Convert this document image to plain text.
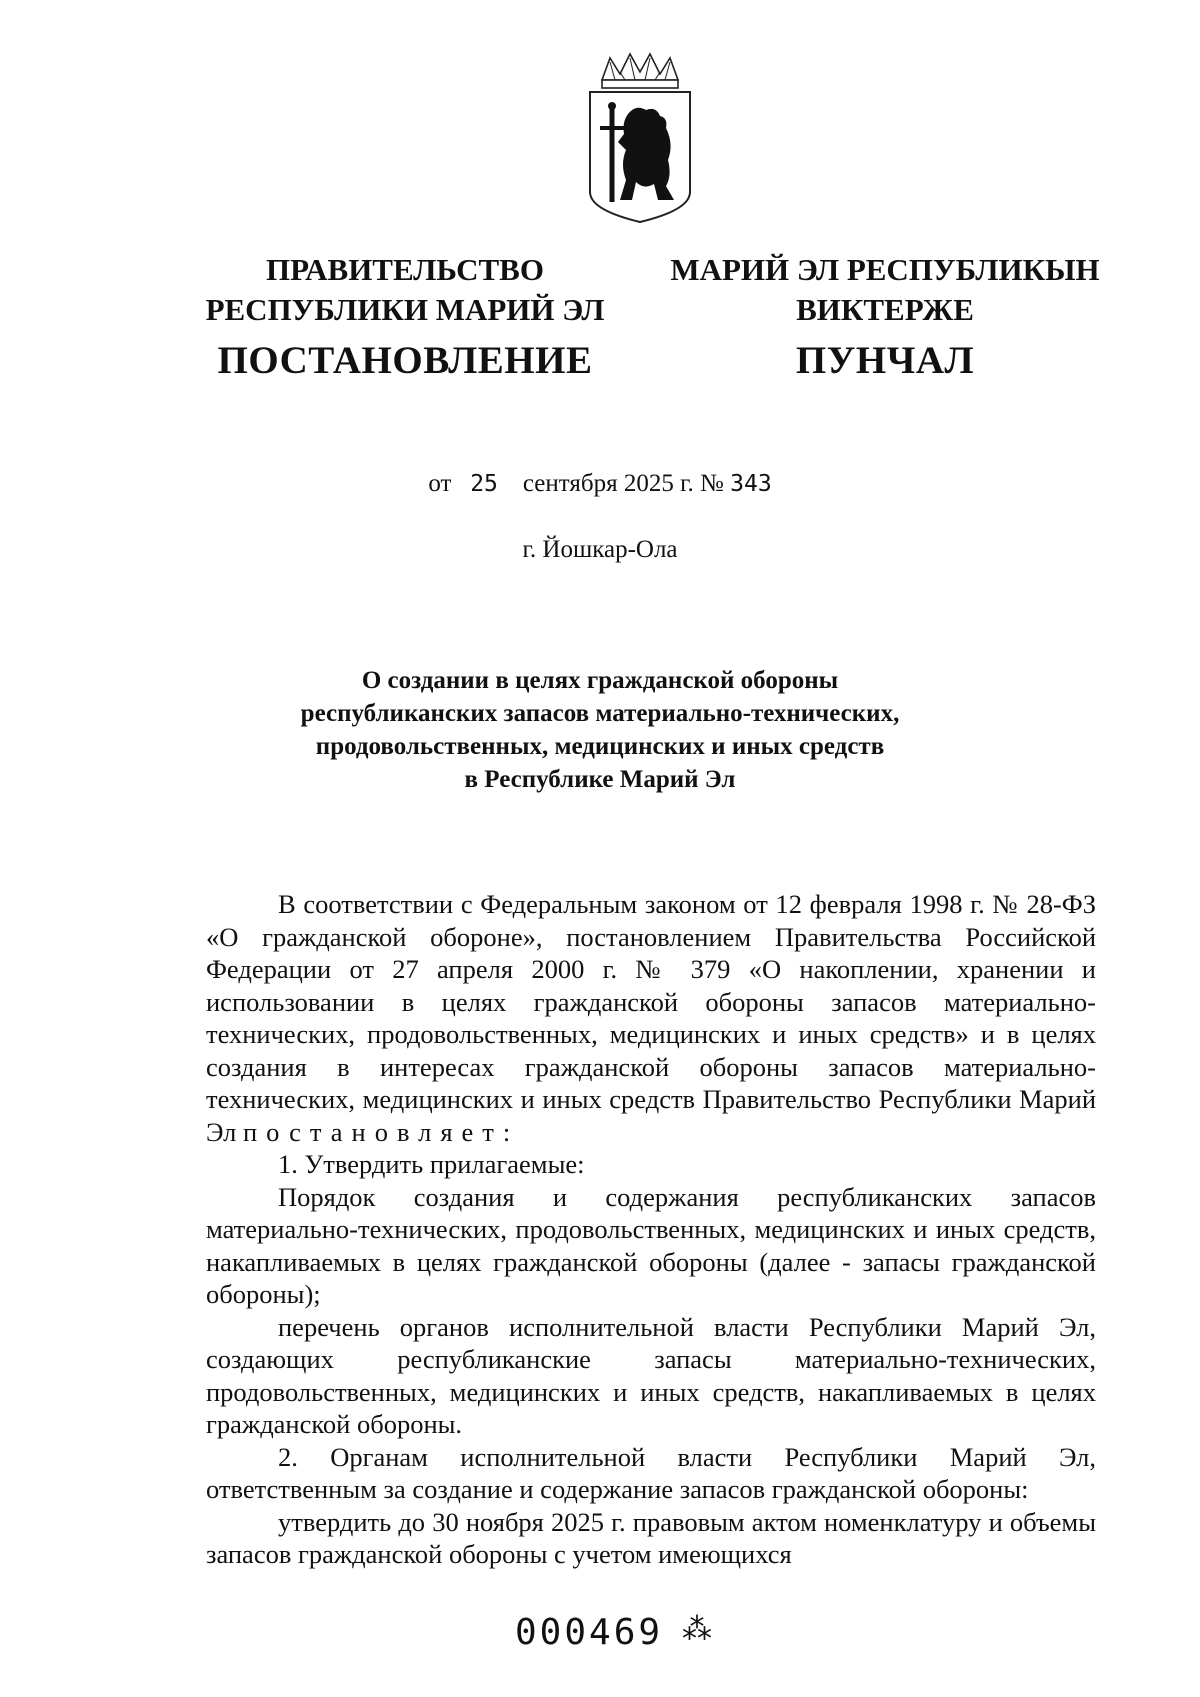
ПРАВИТЕЛЬСТВО
РЕСПУБЛИКИ МАРИЙ ЭЛ
МАРИЙ ЭЛ РЕСПУБЛИКЫН
ВИКТЕРЖЕ
ПОСТАНОВЛЕНИЕ	ПУНЧАЛ
от 25 сентября 2025 г. № 343
г. Йошкар-Ола
О создании в целях гражданской обороны
республиканских запасов материально-технических,
продовольственных, медицинских и иных средств
в Республике Марий Эл

В соответствии с Федеральным законом от 12 февраля 1998 г. № 28-ФЗ «О гражданской обороне», постановлением Правительства Российской Федерации от 27 апреля 2000 г. № 379 «О накоплении, хранении и использовании в целях гражданской обороны запасов материально-технических, продовольственных, медицинских и иных средств» и в целях создания в интересах гражданской обороны запасов материально-технических, медицинских и иных средств Правительство Республики Марий Эл постановляет:

1. Утвердить прилагаемые:

Порядок создания и содержания республиканских запасов материально-технических, продовольственных, медицинских и иных средств, накапливаемых в целях гражданской обороны (далее - запасы гражданской обороны);

перечень органов исполнительной власти Республики Марий Эл, создающих республиканские запасы материально-технических, продовольственных, медицинских и иных средств, накапливаемых в целях гражданской обороны.

2. Органам исполнительной власти Республики Марий Эл, ответственным за создание и содержание запасов гражданской обороны:

утвердить до 30 ноября 2025 г. правовым актом номенклатуру и объемы запасов гражданской обороны с учетом имеющихся

000469 ⁂
